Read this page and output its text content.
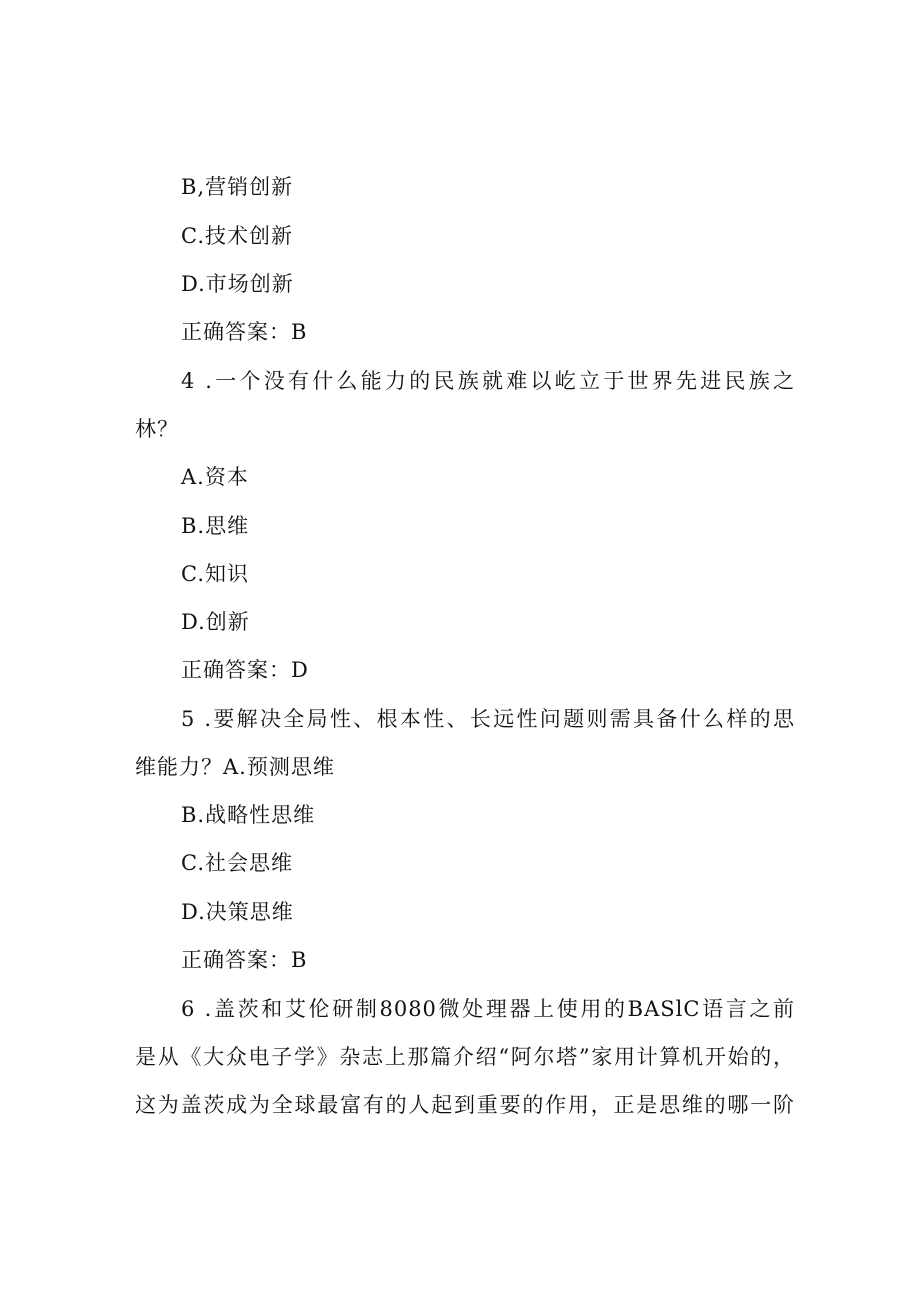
B,营销创新
C.技术创新
D.市场创新
正确答案：B
4 .一个没有什么能力的民族就难以屹立于世界先进民族之
林？
A.资本
B.思维
C.知识
D.创新
正确答案：D
5 .要解决全局性、根本性、长远性问题则需具备什么样的思
维能力？A.预测思维
B.战略性思维
C.社会思维
D.决策思维
正确答案：B
6 .盖茨和艾伦研制8080微处理器上使用的BASlC语言之前
是从《大众电子学》杂志上那篇介绍“阿尔塔”家用计算机开始的，
这为盖茨成为全球最富有的人起到重要的作用，正是思维的哪一阶
